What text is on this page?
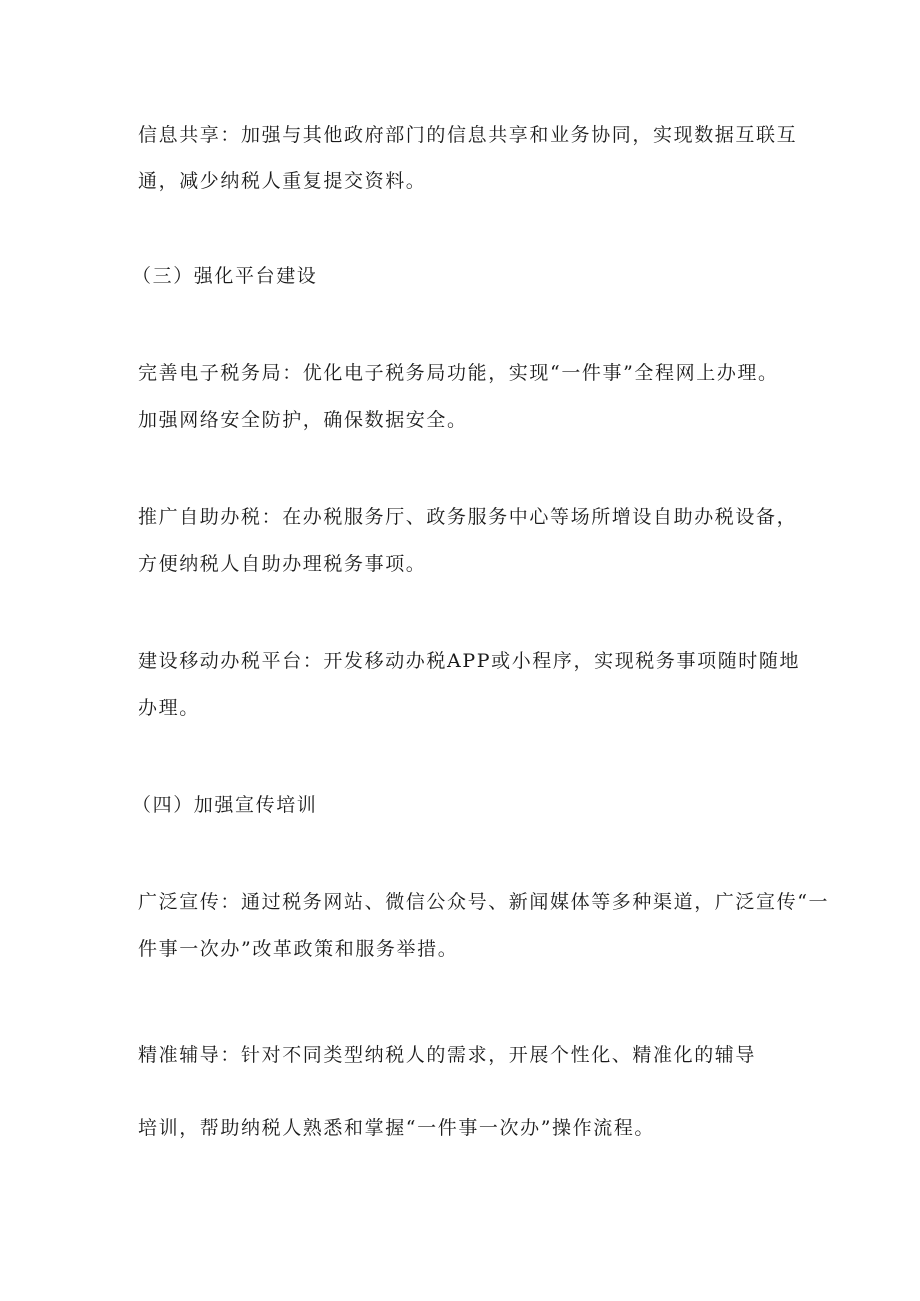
信息共享：加强与其他政府部门的信息共享和业务协同，实现数据互联互

通，减少纳税人重复提交资料。

（三）强化平台建设

完善电子税务局：优化电子税务局功能，实现“一件事”全程网上办理。

加强网络安全防护，确保数据安全。

推广自助办税：在办税服务厅、政务服务中心等场所增设自助办税设备，

方便纳税人自助办理税务事项。

建设移动办税平台：开发移动办税APP或小程序，实现税务事项随时随地

办理。

（四）加强宣传培训

广泛宣传：通过税务网站、微信公众号、新闻媒体等多种渠道，广泛宣传“一

件事一次办”改革政策和服务举措。

精准辅导：针对不同类型纳税人的需求，开展个性化、精准化的辅导

培训，帮助纳税人熟悉和掌握“一件事一次办”操作流程。
